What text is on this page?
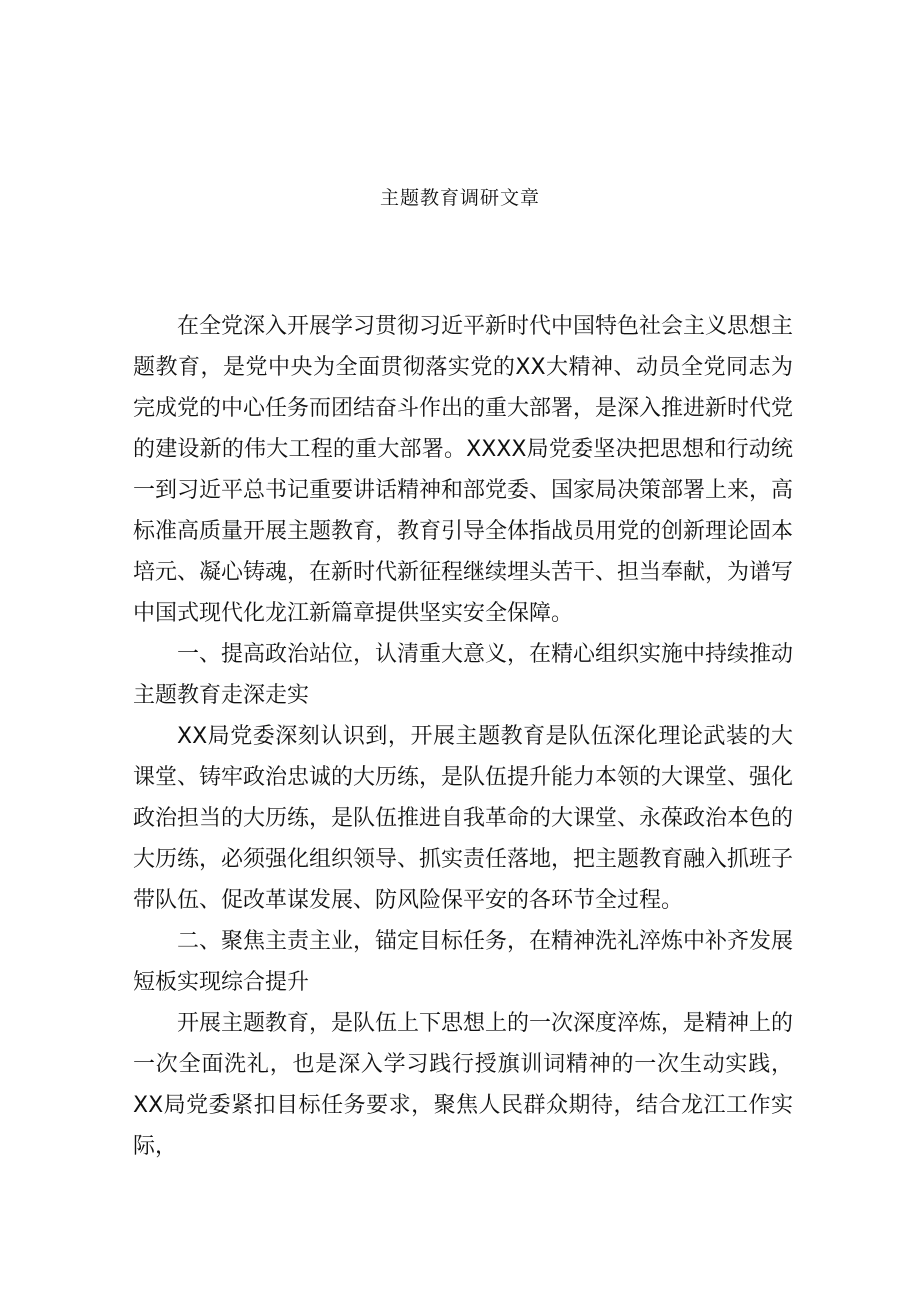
主题教育调研文章

在全党深入开展学习贯彻习近平新时代中国特色社会主义思想主题教育，是党中央为全面贯彻落实党的XX大精神、动员全党同志为完成党的中心任务而团结奋斗作出的重大部署，是深入推进新时代党的建设新的伟大工程的重大部署。XXXX局党委坚决把思想和行动统一到习近平总书记重要讲话精神和部党委、国家局决策部署上来，高标准高质量开展主题教育，教育引导全体指战员用党的创新理论固本培元、凝心铸魂，在新时代新征程继续埋头苦干、担当奉献，为谱写中国式现代化龙江新篇章提供坚实安全保障。

一、提高政治站位，认清重大意义，在精心组织实施中持续推动主题教育走深走实

XX局党委深刻认识到，开展主题教育是队伍深化理论武装的大课堂、铸牢政治忠诚的大历练，是队伍提升能力本领的大课堂、强化政治担当的大历练，是队伍推进自我革命的大课堂、永葆政治本色的大历练，必须强化组织领导、抓实责任落地，把主题教育融入抓班子带队伍、促改革谋发展、防风险保平安的各环节全过程。

二、聚焦主责主业，锚定目标任务，在精神洗礼淬炼中补齐发展短板实现综合提升

开展主题教育，是队伍上下思想上的一次深度淬炼，是精神上的一次全面洗礼，也是深入学习践行授旗训词精神的一次生动实践，XX局党委紧扣目标任务要求，聚焦人民群众期待，结合龙江工作实际，
